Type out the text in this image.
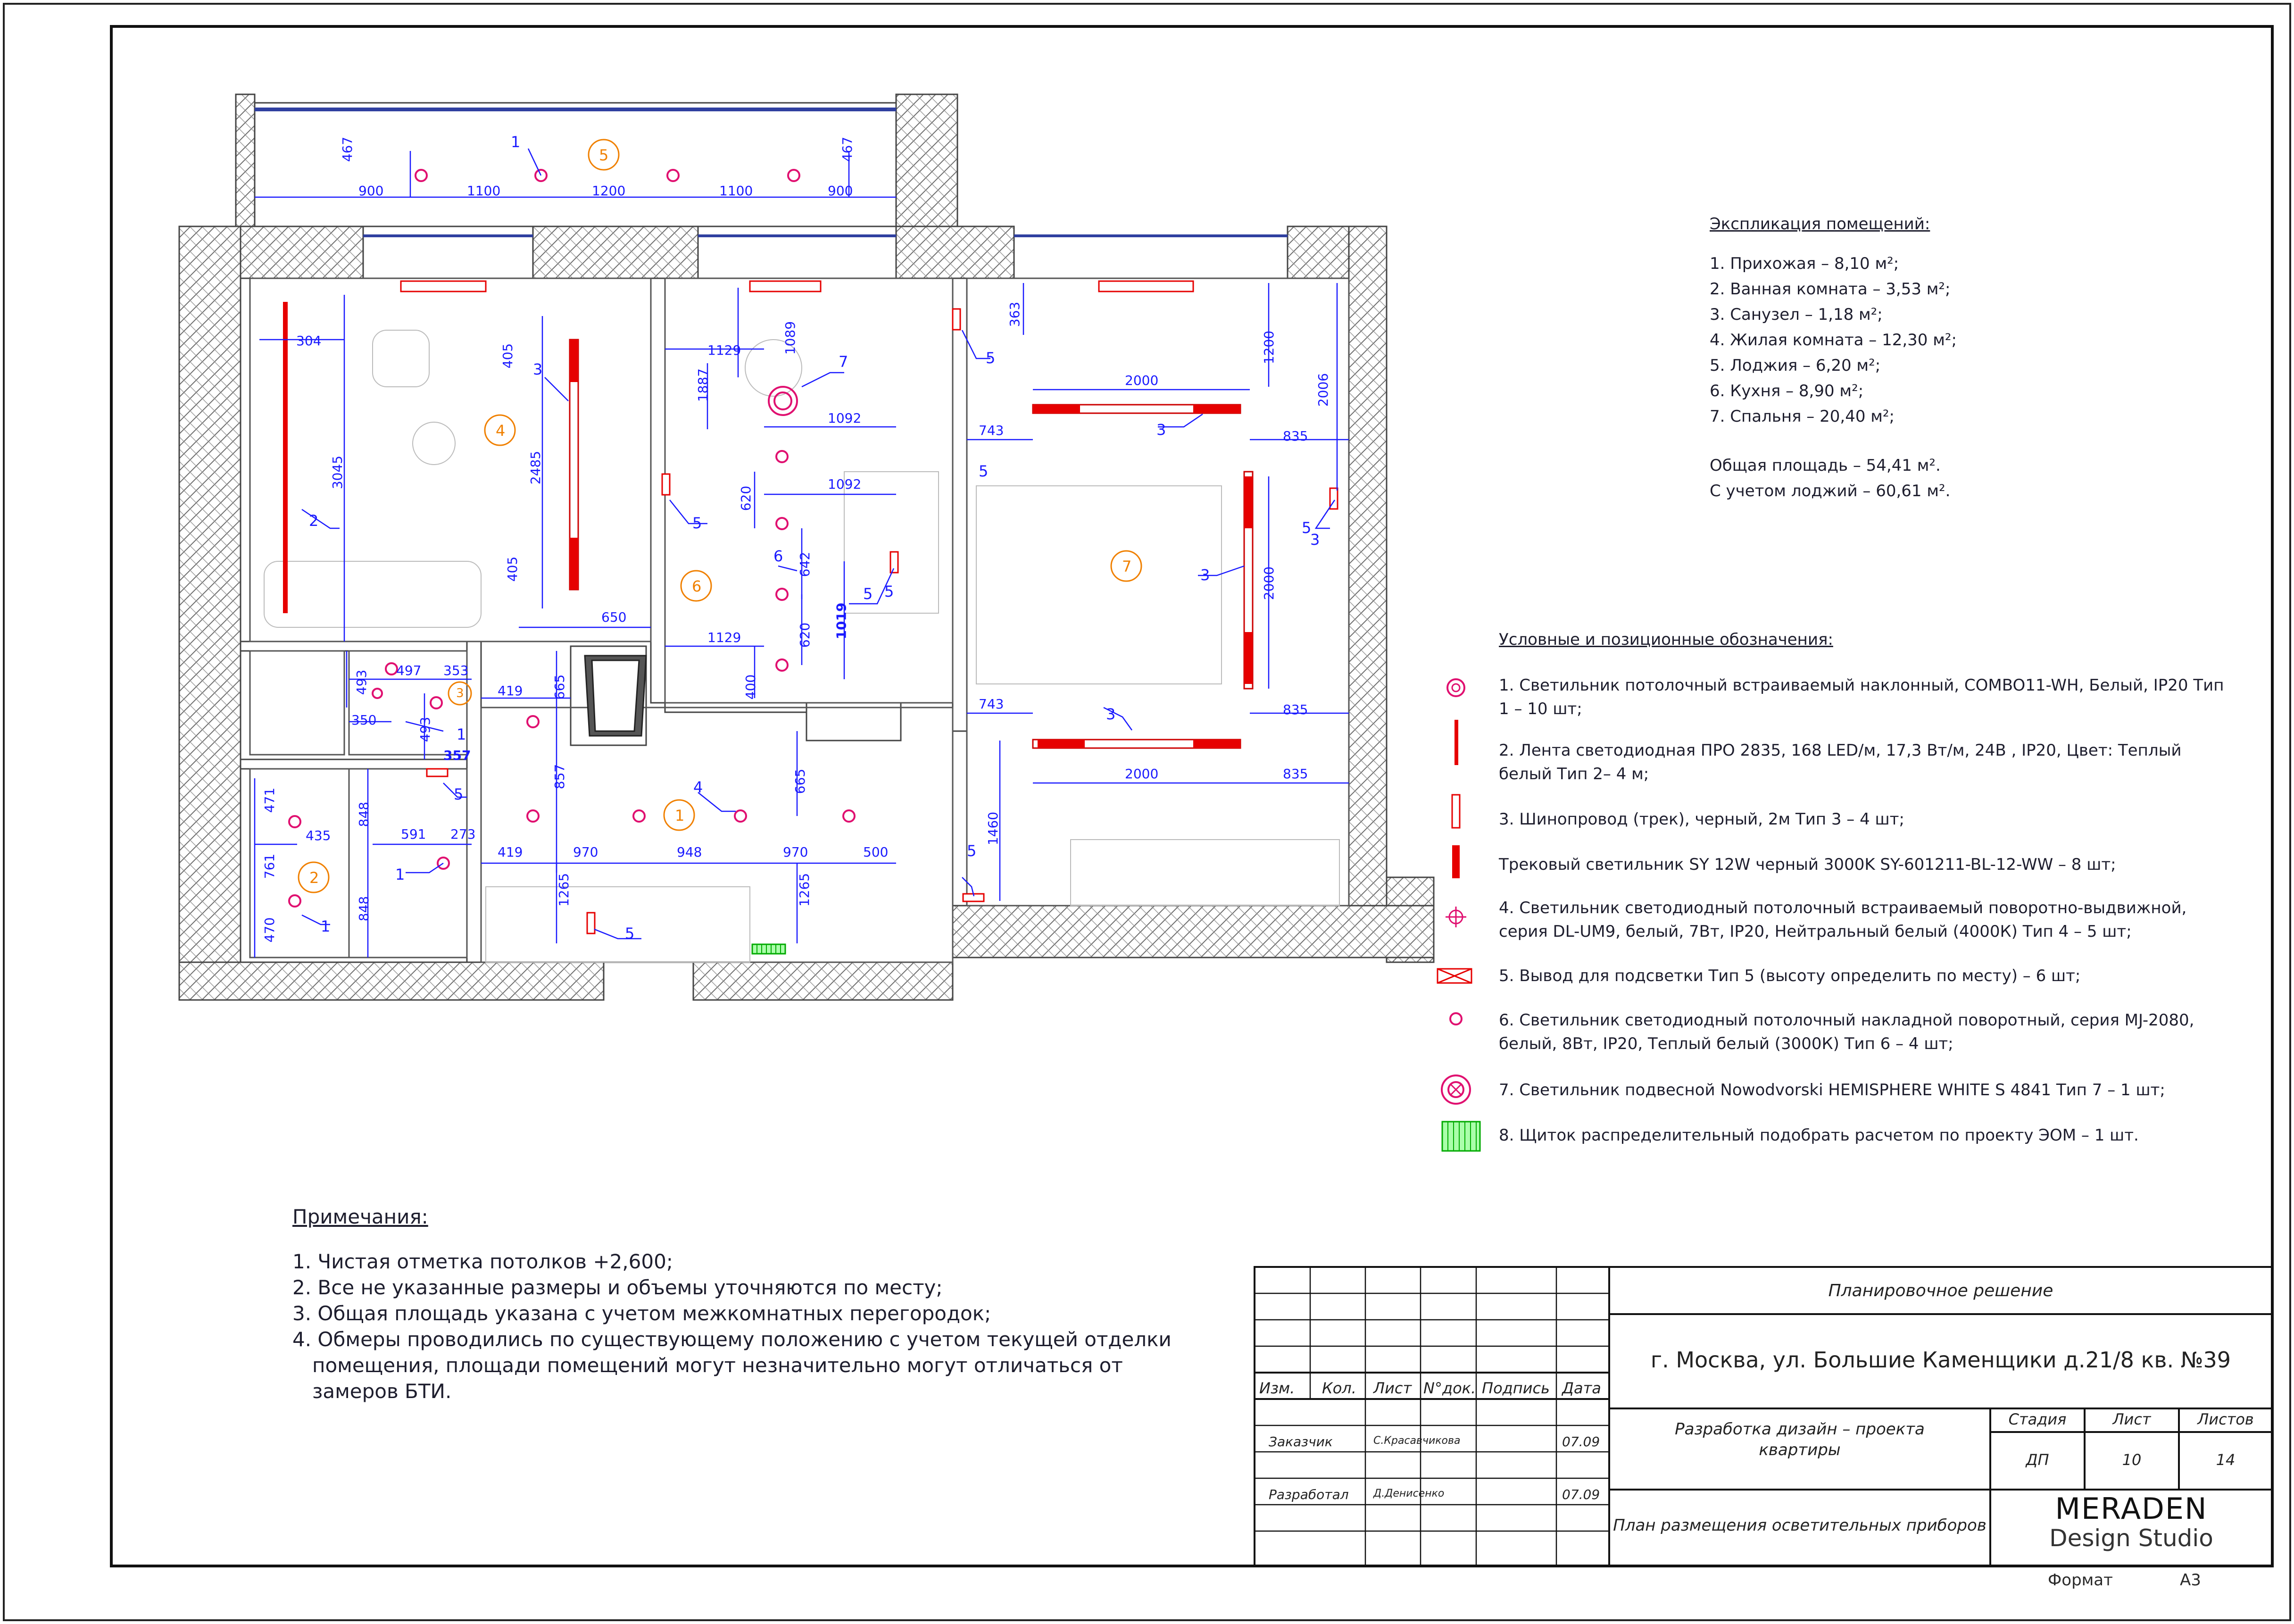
467
900	1100	1200	1100	900
467
304
3045
405
2485
405
650
1129	1089
1887
1092
1092
620
642
620 1019
400
1129
363
1200
2000	2006
743	835
2000
743	835
2000	835
1460
419 665
857	665
419	970	948	970	500
1265	1265
493 497 353
350	493
357
471
435
761
470
848
848
591 273
1
5
3
2
7
5
6
5
5
3
3
3
5
5
1
5	4
1
1
5
5
3
5
4
6
7
3
2
1
Экспликация помещений:
1. Прихожая – 8,10 м²;
2. Ванная комната – 3,53 м²;
3. Санузел – 1,18 м²;
4. Жилая комната – 12,30 м²;
5. Лоджия – 6,20 м²;
6. Кухня – 8,90 м²;
7. Спальня – 20,40 м²;
Общая площадь – 54,41 м².
С учетом лоджий – 60,61 м².
Условные и позиционные обозначения:
1. Светильник потолочный встраиваемый наклонный, COMBO11-WH, Белый, IP20 Тип 1 – 10 шт;
2. Лента светодиодная ПРО 2835, 168 LED/м, 17,3 Вт/м, 24В , IP20, Цвет: Теплый белый Тип 2– 4 м;
3. Шинопровод (трек), черный, 2м Тип 3 – 4 шт;
Трековый светильник SY 12W черный 3000K SY-601211-BL-12-WW – 8 шт;
4. Светильник светодиодный потолочный встраиваемый поворотно-выдвижной, серия DL-UM9, белый, 7Вт, IP20, Нейтральный белый (4000К) Тип 4 – 5 шт;
5. Вывод для подсветки Тип 5 (высоту определить по месту) – 6 шт;
6. Светильник светодиодный потолочный накладной поворотный, серия MJ-2080, белый, 8Вт, IP20, Теплый белый (3000К) Тип 6 – 4 шт;
7. Светильник подвесной Nowodvorski HEMISPHERE WHITE S 4841 Тип 7 – 1 шт;
8. Щиток распределительный подобрать расчетом по проекту ЭОМ – 1 шт.
Примечания:
1. Чистая отметка потолков +2,600;
2. Все не указанные размеры и объемы уточняются по месту;
3. Общая площадь указана с учетом межкомнатных перегородок;
4. Обмеры проводились по существующему положению с учетом текущей отделки
помещения, площади помещений могут незначительно могут отличаться от
замеров БТИ.
Планировочное решение
г. Москва, ул. Большие Каменщики д.21/8 кв. №39
Изм. Кол. Лист N°док. Подпись Дата
Заказчик	С.Красавчикова	07.09
Разработал Д.Денисенко	07.09
Разработка дизайн – проекта
квартиры
Стадия	Лист	Листов
ДП	10	14
План размещения осветительных приборов	MERADEN
Design Studio
Формат	А3
